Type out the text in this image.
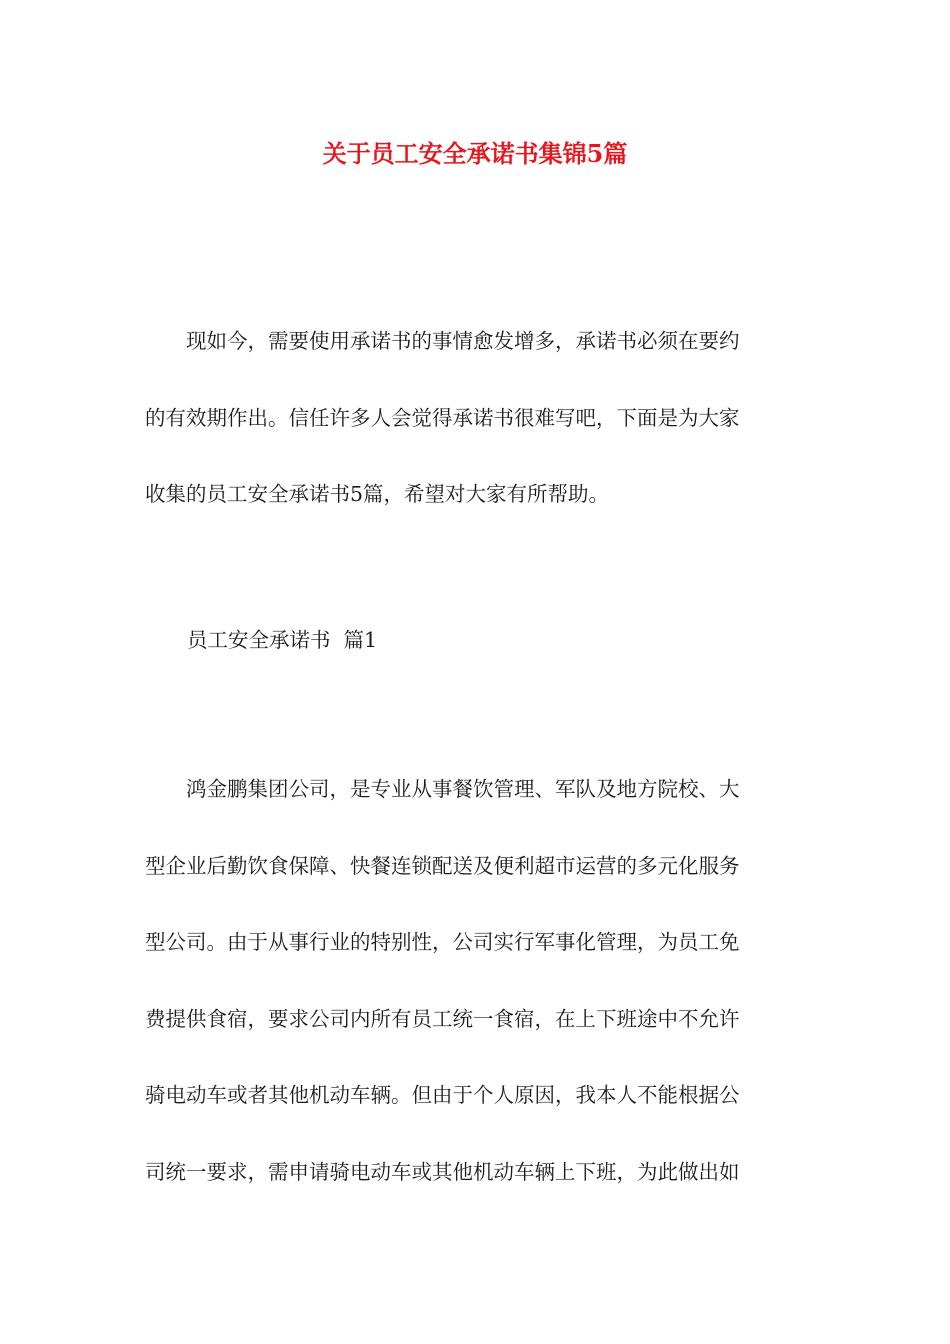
关于员工安全承诺书集锦5篇

现如今，需要使用承诺书的事情愈发增多，承诺书必须在要约
的有效期作出。信任许多人会觉得承诺书很难写吧，下面是为大家
收集的员工安全承诺书5篇，希望对大家有所帮助。

员工安全承诺书  篇1

鸿金鹏集团公司，是专业从事餐饮管理、军队及地方院校、大
型企业后勤饮食保障、快餐连锁配送及便利超市运营的多元化服务
型公司。由于从事行业的特别性，公司实行军事化管理，为员工免
费提供食宿，要求公司内所有员工统一食宿，在上下班途中不允许
骑电动车或者其他机动车辆。但由于个人原因，我本人不能根据公
司统一要求，需申请骑电动车或其他机动车辆上下班，为此做出如
